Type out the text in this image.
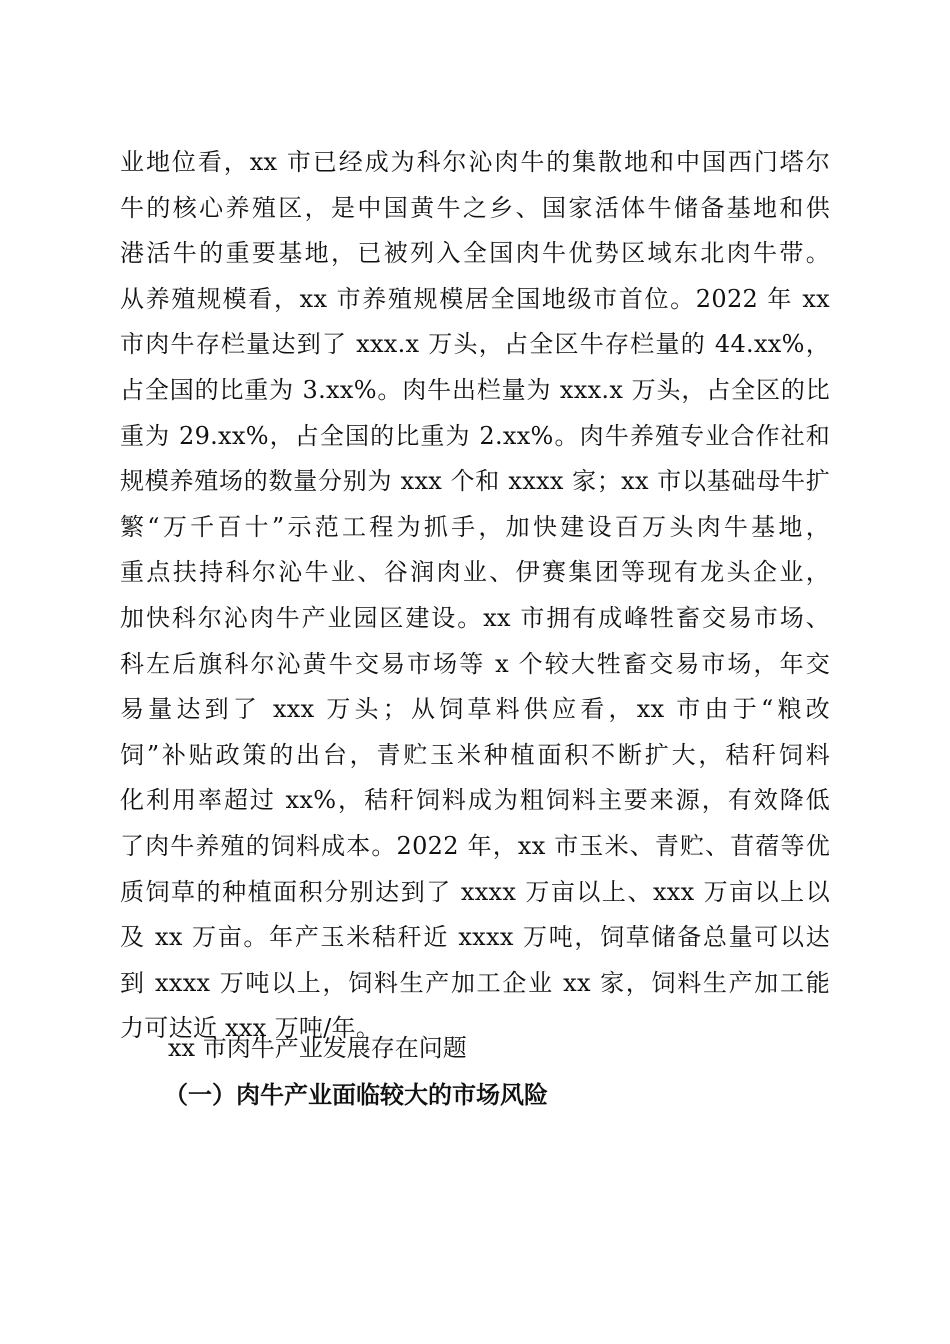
业地位看，xx 市已经成为科尔沁肉牛的集散地和中国西门塔尔
牛的核心养殖区，是中国黄牛之乡、国家活体牛储备基地和供
港活牛的重要基地，已被列入全国肉牛优势区域东北肉牛带。
从养殖规模看，xx 市养殖规模居全国地级市首位。2022 年 xx
市肉牛存栏量达到了 xxx.x 万头，占全区牛存栏量的 44.xx%，
占全国的比重为 3.xx%。肉牛出栏量为 xxx.x 万头，占全区的比
重为 29.xx%，占全国的比重为 2.xx%。肉牛养殖专业合作社和
规模养殖场的数量分别为 xxx 个和 xxxx 家；xx 市以基础母牛扩
繁“万千百十”示范工程为抓手，加快建设百万头肉牛基地，
重点扶持科尔沁牛业、谷润肉业、伊赛集团等现有龙头企业，
加快科尔沁肉牛产业园区建设。xx 市拥有成峰牲畜交易市场、
科左后旗科尔沁黄牛交易市场等 x 个较大牲畜交易市场，年交
易量达到了 xxx 万头；从饲草料供应看，xx 市由于“粮改
饲”补贴政策的出台，青贮玉米种植面积不断扩大，秸秆饲料
化利用率超过 xx%，秸秆饲料成为粗饲料主要来源，有效降低
了肉牛养殖的饲料成本。2022 年，xx 市玉米、青贮、苜蓿等优
质饲草的种植面积分别达到了 xxxx 万亩以上、xxx 万亩以上以
及 xx 万亩。年产玉米秸秆近 xxxx 万吨，饲草储备总量可以达
到 xxxx 万吨以上，饲料生产加工企业 xx 家，饲料生产加工能
力可达近 xxx 万吨/年。
xx 市肉牛产业发展存在问题
（一）肉牛产业面临较大的市场风险
